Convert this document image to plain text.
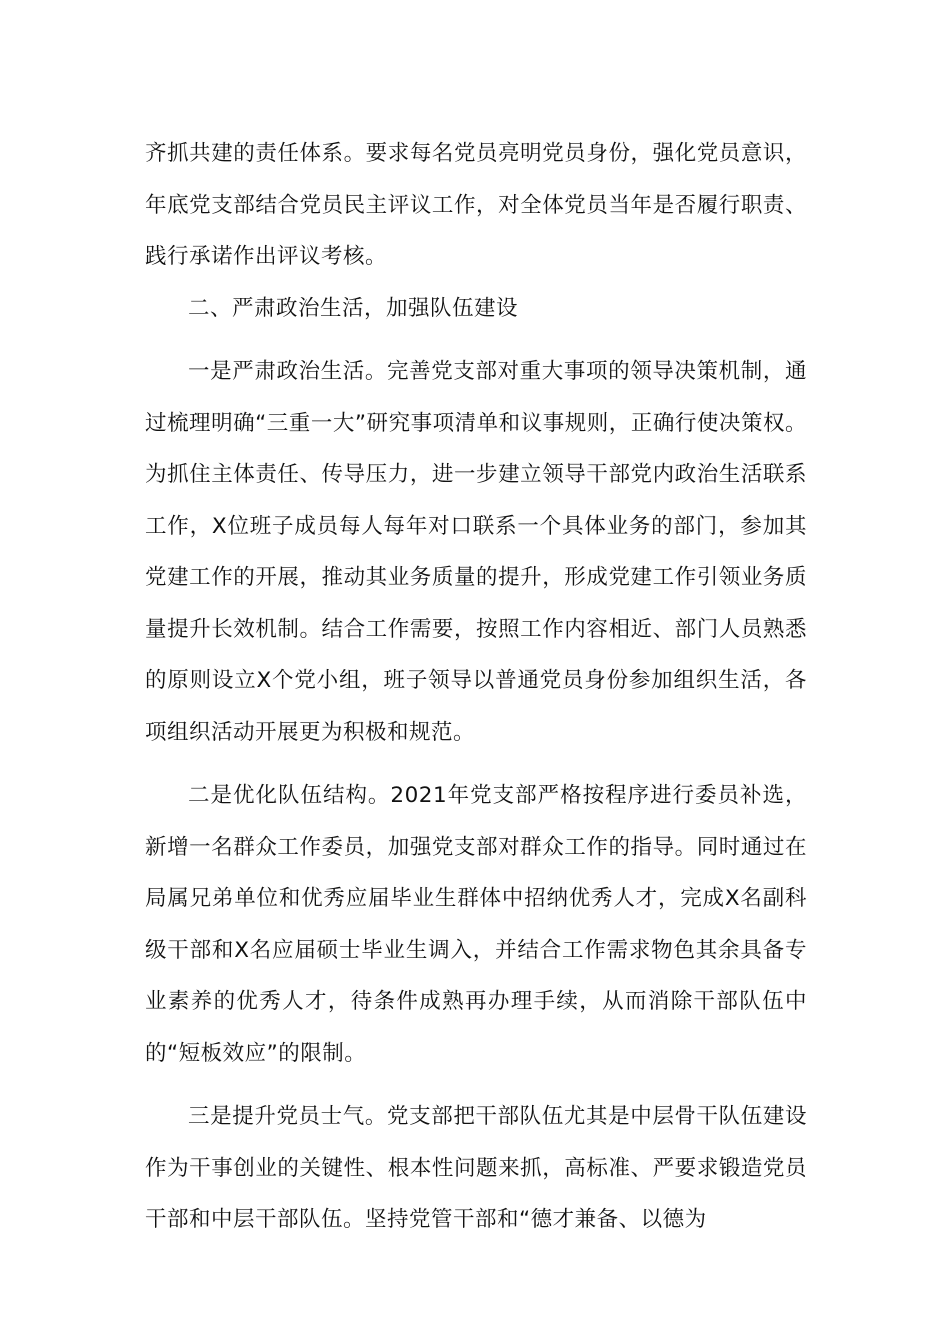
齐抓共建的责任体系。要求每名党员亮明党员身份，强化党员意识，年底党支部结合党员民主评议工作，对全体党员当年是否履行职责、践行承诺作出评议考核。

二、严肃政治生活，加强队伍建设

一是严肃政治生活。完善党支部对重大事项的领导决策机制，通过梳理明确“三重一大”研究事项清单和议事规则，正确行使决策权。为抓住主体责任、传导压力，进一步建立领导干部党内政治生活联系工作，X位班子成员每人每年对口联系一个具体业务的部门，参加其党建工作的开展，推动其业务质量的提升，形成党建工作引领业务质量提升长效机制。结合工作需要，按照工作内容相近、部门人员熟悉的原则设立X个党小组，班子领导以普通党员身份参加组织生活，各项组织活动开展更为积极和规范。

二是优化队伍结构。2021年党支部严格按程序进行委员补选，新增一名群众工作委员，加强党支部对群众工作的指导。同时通过在局属兄弟单位和优秀应届毕业生群体中招纳优秀人才，完成X名副科级干部和X名应届硕士毕业生调入，并结合工作需求物色其余具备专业素养的优秀人才，待条件成熟再办理手续，从而消除干部队伍中的“短板效应”的限制。

三是提升党员士气。党支部把干部队伍尤其是中层骨干队伍建设作为干事创业的关键性、根本性问题来抓，高标准、严要求锻造党员干部和中层干部队伍。坚持党管干部和“德才兼备、以德为
